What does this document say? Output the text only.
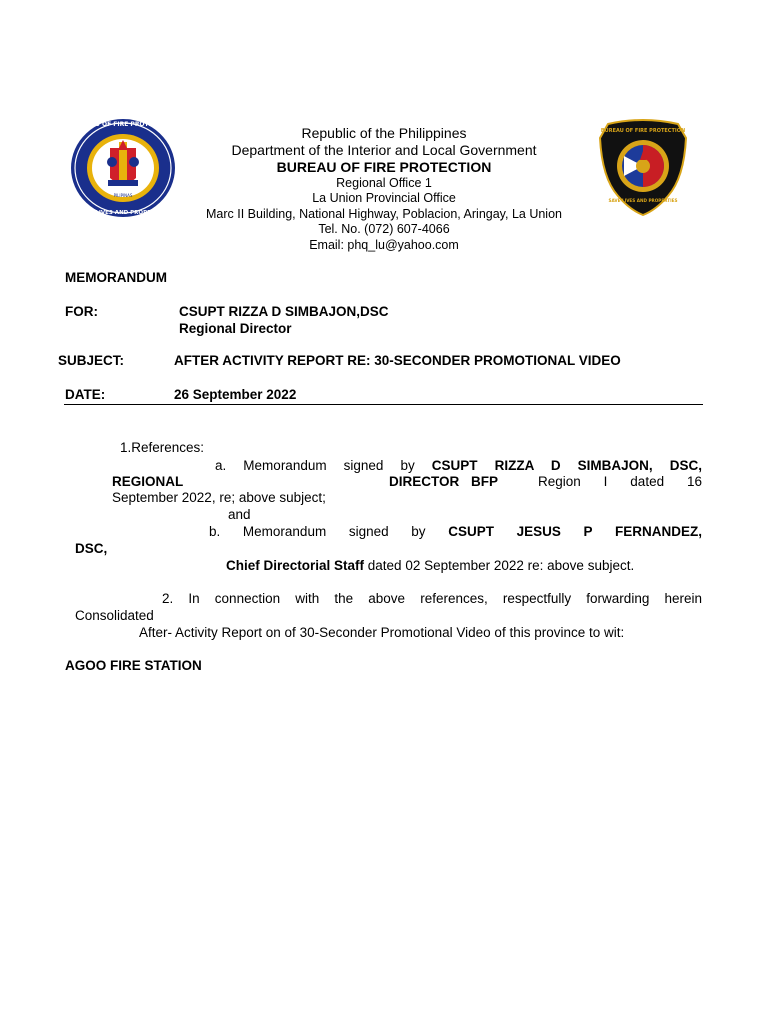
BUREAU OF FIRE PROTECTION
SAVE LIVES AND PROPERTIES
PILIPINAS
BUREAU OF FIRE PROTECTION
SAVE LIVES AND PROPERTIES
Republic of the Philippines
Department of the Interior and Local Government
BUREAU OF FIRE PROTECTION
Regional Office 1
La Union Provincial Office
Marc II Building, National Highway, Poblacion, Aringay, La Union
Tel. No. (072) 607-4066
Email: phq_lu@yahoo.com
MEMORANDUM
FOR:	CSUPT RIZZA D SIMBAJON,DSC
Regional Director
SUBJECT:	AFTER ACTIVITY REPORT RE: 30-SECONDER PROMOTIONAL VIDEO
DATE:	26 September 2022
1.References:
a. Memorandum signed by CSUPT RIZZA D SIMBAJON, DSC,
REGIONAL	DIRECTOR BFP	Region I dated 16
September 2022, re; above subject;
and
b. Memorandum signed by CSUPT JESUS P FERNANDEZ,
DSC,
Chief Directorial Staff dated 02 September 2022 re: above subject.
2. In connection with the above references, respectfully forwarding herein
Consolidated
After- Activity Report on of 30-Seconder Promotional Video of this province to wit:
AGOO FIRE STATION
